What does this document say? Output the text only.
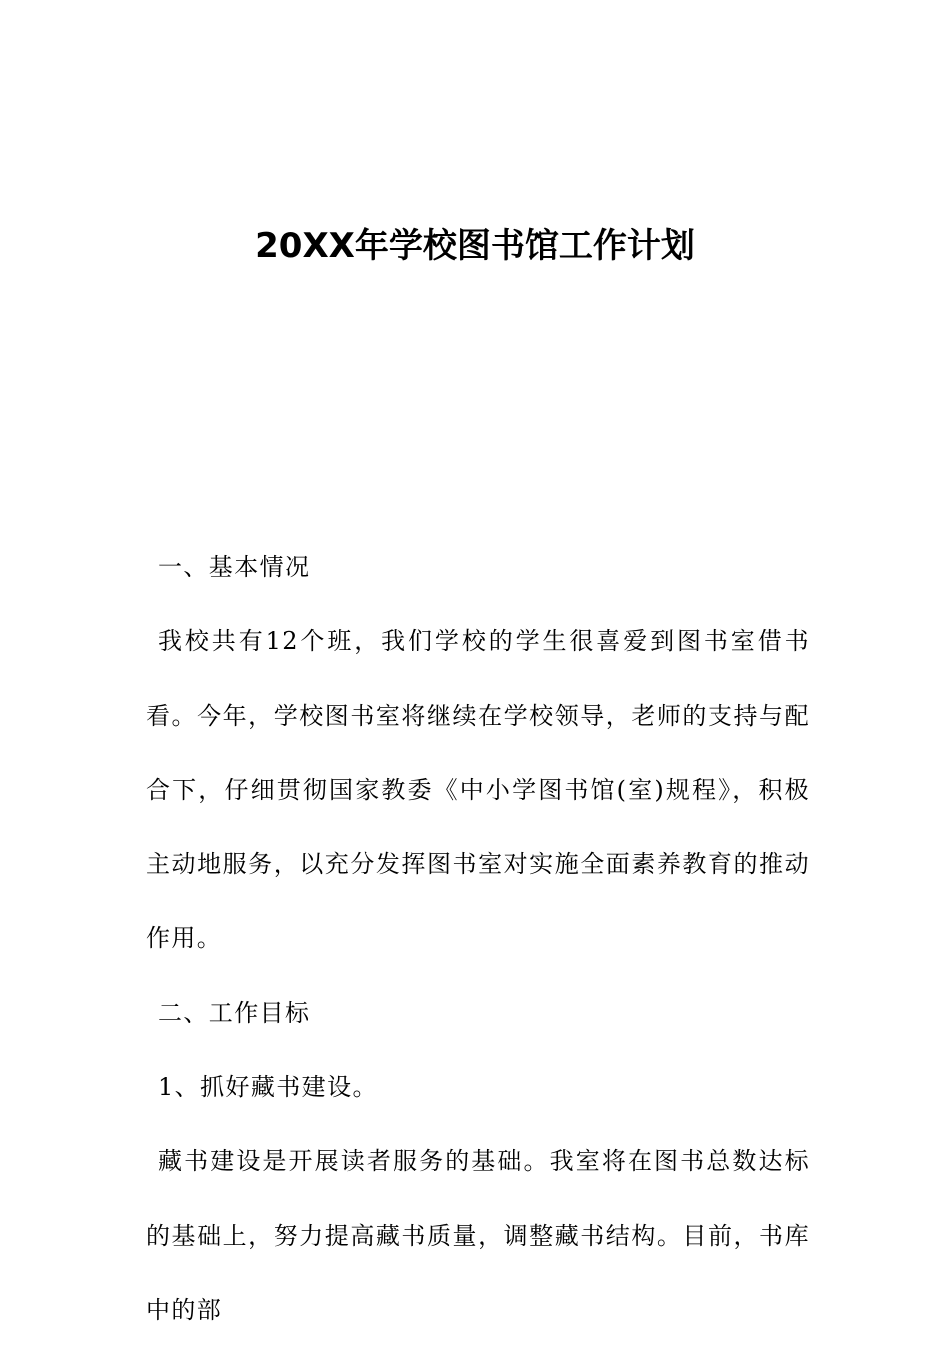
20XX年学校图书馆工作计划

一、基本情况

我校共有12个班，我们学校的学生很喜爱到图书室借书看。今年，学校图书室将继续在学校领导，老师的支持与配合下，仔细贯彻国家教委《中小学图书馆(室)规程》，积极主动地服务，以充分发挥图书室对实施全面素养教育的推动作用。

二、工作目标

1、抓好藏书建设。

藏书建设是开展读者服务的基础。我室将在图书总数达标的基础上，努力提高藏书质量，调整藏书结构。目前，书库中的部
